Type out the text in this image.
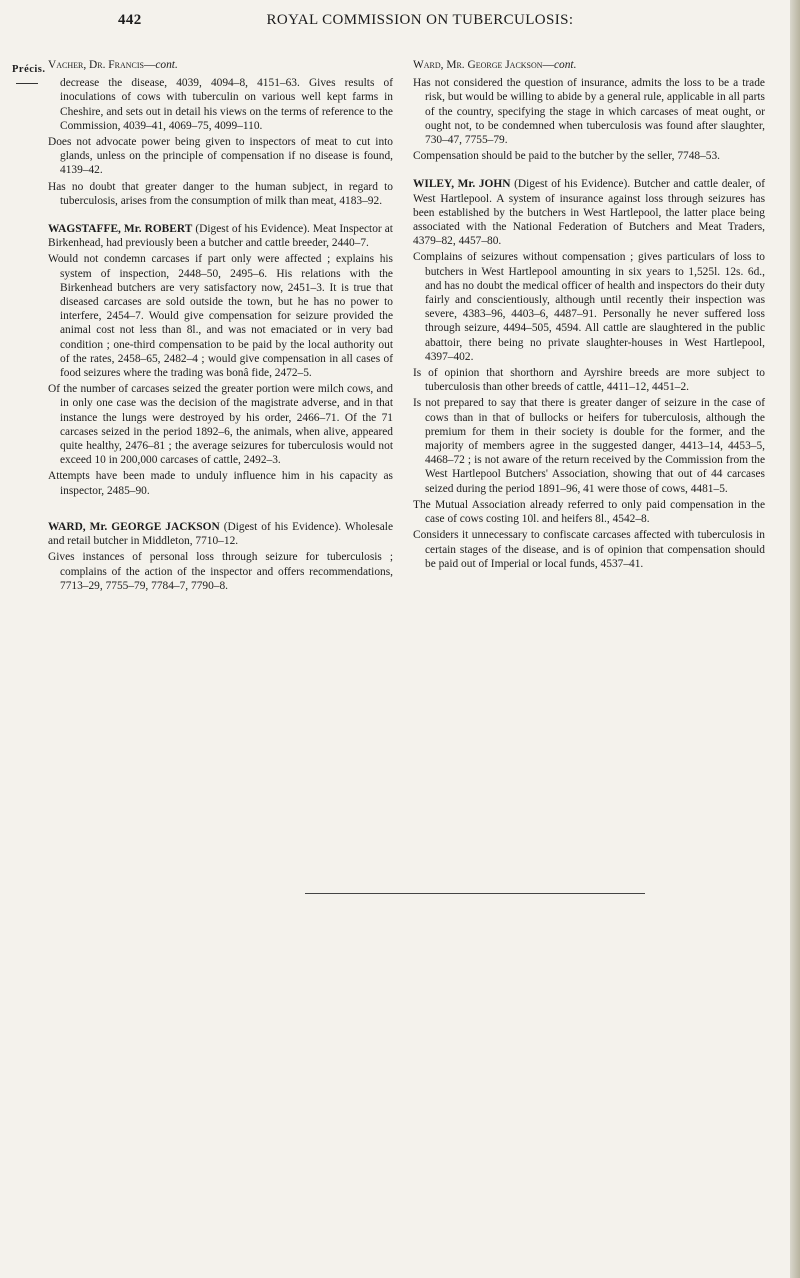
442	ROYAL COMMISSION ON TUBERCULOSIS:
Précis. Vacher, Dr. Francis—cont.

decrease the disease, 4039, 4094–8, 4151–63. Gives results of inoculations of cows with tuberculin on various well kept farms in Cheshire, and sets out in detail his views on the terms of reference to the Commission, 4039–41, 4069–75, 4099–110.

Does not advocate power being given to inspectors of meat to cut into glands, unless on the principle of compensation if no disease is found, 4139–42.

Has no doubt that greater danger to the human subject, in regard to tuberculosis, arises from the consumption of milk than meat, 4183–92.

WAGSTAFFE, Mr. ROBERT (Digest of his Evidence). Meat Inspector at Birkenhead, had previously been a butcher and cattle breeder, 2440–7.

Would not condemn carcases if part only were affected ; explains his system of inspection, 2448–50, 2495–6. His relations with the Birkenhead butchers are very satisfactory now, 2451–3. It is true that diseased carcases are sold outside the town, but he has no power to interfere, 2454–7. Would give compensation for seizure provided the animal cost not less than 8l., and was not emaciated or in very bad condition ; one-third compensation to be paid by the local authority out of the rates, 2458–65, 2482–4 ; would give compensation in all cases of food seizures where the trading was bonâ fide, 2472–5.

Of the number of carcases seized the greater portion were milch cows, and in only one case was the decision of the magistrate adverse, and in that instance the lungs were destroyed by his order, 2466–71. Of the 71 carcases seized in the period 1892–6, the animals, when alive, appeared quite healthy, 2476–81 ; the average seizures for tuberculosis would not exceed 10 in 200,000 carcases of cattle, 2492–3.

Attempts have been made to unduly influence him in his capacity as inspector, 2485–90.

WARD, Mr. GEORGE JACKSON (Digest of his Evidence). Wholesale and retail butcher in Middleton, 7710–12.

Gives instances of personal loss through seizure for tuberculosis ; complains of the action of the inspector and offers recommendations, 7713–29, 7755–79, 7784–7, 7790–8.

Ward, Mr. George Jackson—cont.

Has not considered the question of insurance, admits the loss to be a trade risk, but would be willing to abide by a general rule, applicable in all parts of the country, specifying the stage in which carcases of meat ought, or ought not, to be condemned when tuberculosis was found after slaughter, 730–47, 7755–79.

Compensation should be paid to the butcher by the seller, 7748–53.

WILEY, Mr. JOHN (Digest of his Evidence). Butcher and cattle dealer, of West Hartlepool. A system of insurance against loss through seizures has been established by the butchers in West Hartlepool, the latter place being associated with the National Federation of Butchers and Meat Traders, 4379–82, 4457–80.

Complains of seizures without compensation ; gives particulars of loss to butchers in West Hartlepool amounting in six years to 1,525l. 12s. 6d., and has no doubt the medical officer of health and inspectors do their duty fairly and conscientiously, although until recently their inspection was severe, 4383–96, 4403–6, 4487–91. Personally he never suffered loss through seizure, 4494–505, 4594. All cattle are slaughtered in the public abattoir, there being no private slaughter-houses in West Hartlepool, 4397–402.

Is of opinion that shorthorn and Ayrshire breeds are more subject to tuberculosis than other breeds of cattle, 4411–12, 4451–2.

Is not prepared to say that there is greater danger of seizure in the case of cows than in that of bullocks or heifers for tuberculosis, although the premium for them in their society is double for the former, and the majority of members agree in the suggested danger, 4413–14, 4453–5, 4468–72 ; is not aware of the return received by the Commission from the West Hartlepool Butchers' Association, showing that out of 44 carcases seized during the period 1891–96, 41 were those of cows, 4481–5.

The Mutual Association already referred to only paid compensation in the case of cows costing 10l. and heifers 8l., 4542–8.

Considers it unnecessary to confiscate carcases affected with tuberculosis in certain stages of the disease, and is of opinion that compensation should be paid out of Imperial or local funds, 4537–41.
